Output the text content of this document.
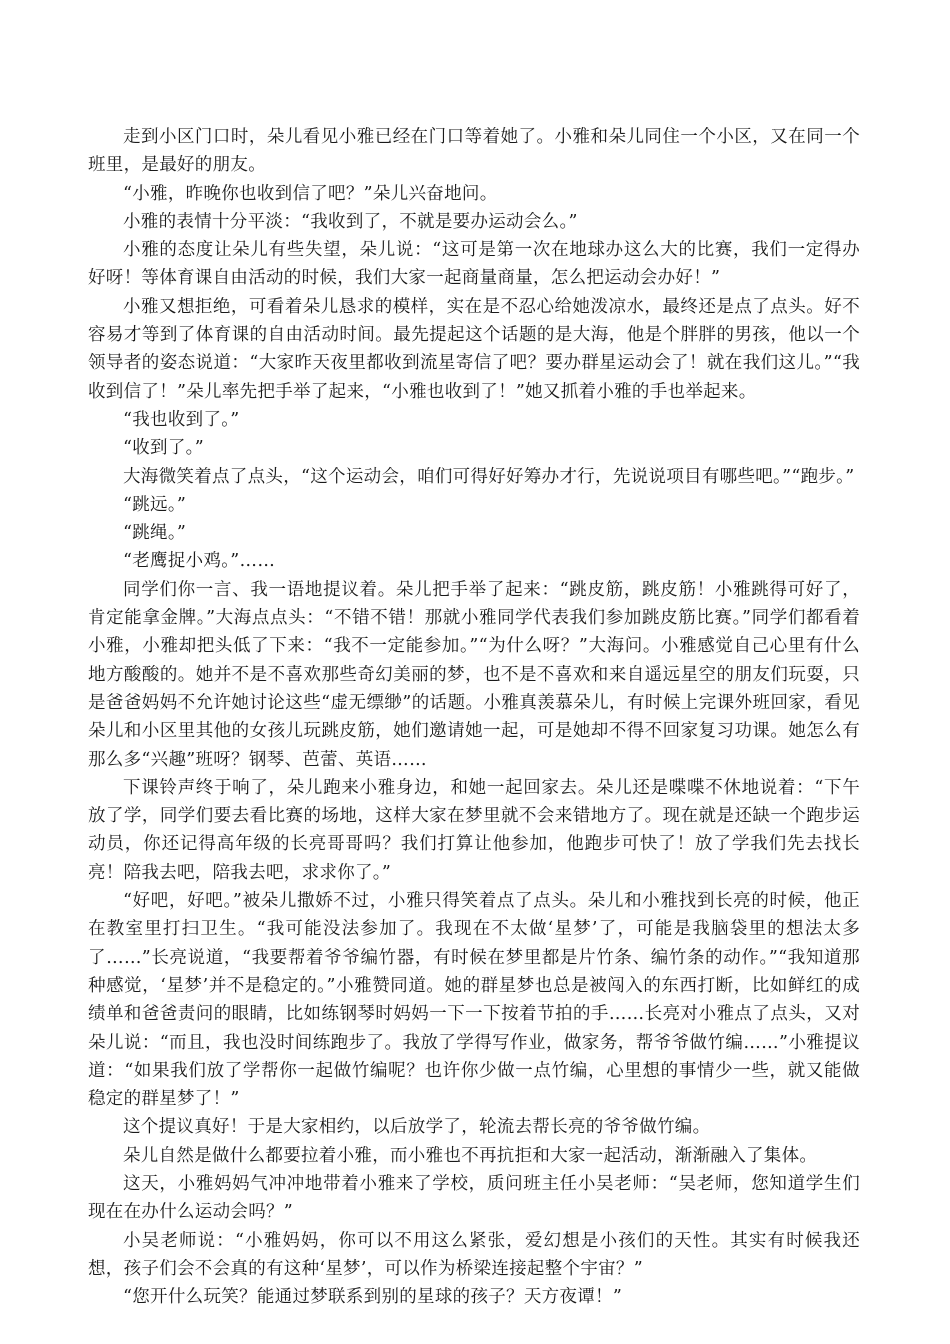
走到小区门口时，朵儿看见小雅已经在门口等着她了。小雅和朵儿同住一个小区，又在同一个班里，是最好的朋友。

“小雅，昨晚你也收到信了吧？”朵儿兴奋地问。

小雅的表情十分平淡：“我收到了，不就是要办运动会么。”

小雅的态度让朵儿有些失望，朵儿说：“这可是第一次在地球办这么大的比赛，我们一定得办好呀！等体育课自由活动的时候，我们大家一起商量商量，怎么把运动会办好！”

小雅又想拒绝，可看着朵儿恳求的模样，实在是不忍心给她泼凉水，最终还是点了点头。好不容易才等到了体育课的自由活动时间。最先提起这个话题的是大海，他是个胖胖的男孩，他以一个领导者的姿态说道：“大家昨天夜里都收到流星寄信了吧？要办群星运动会了！就在我们这儿。”“我收到信了！”朵儿率先把手举了起来，“小雅也收到了！”她又抓着小雅的手也举起来。

“我也收到了。”

“收到了。”

大海微笑着点了点头，“这个运动会，咱们可得好好筹办才行，先说说项目有哪些吧。”“跑步。”

“跳远。”

“跳绳。”

“老鹰捉小鸡。”……

同学们你一言、我一语地提议着。朵儿把手举了起来：“跳皮筋，跳皮筋！小雅跳得可好了，肯定能拿金牌。”大海点点头：“不错不错！那就小雅同学代表我们参加跳皮筋比赛。”同学们都看着小雅，小雅却把头低了下来：“我不一定能参加。”“为什么呀？”大海问。小雅感觉自己心里有什么地方酸酸的。她并不是不喜欢那些奇幻美丽的梦，也不是不喜欢和来自遥远星空的朋友们玩耍，只是爸爸妈妈不允许她讨论这些“虚无缥缈”的话题。小雅真羡慕朵儿，有时候上完课外班回家，看见朵儿和小区里其他的女孩儿玩跳皮筋，她们邀请她一起，可是她却不得不回家复习功课。她怎么有那么多“兴趣”班呀？钢琴、芭蕾、英语……

下课铃声终于响了，朵儿跑来小雅身边，和她一起回家去。朵儿还是喋喋不休地说着：“下午放了学，同学们要去看比赛的场地，这样大家在梦里就不会来错地方了。现在就是还缺一个跑步运动员，你还记得高年级的长亮哥哥吗？我们打算让他参加，他跑步可快了！放了学我们先去找长亮！陪我去吧，陪我去吧，求求你了。”

“好吧，好吧。”被朵儿撒娇不过，小雅只得笑着点了点头。朵儿和小雅找到长亮的时候，他正在教室里打扫卫生。“我可能没法参加了。我现在不太做‘星梦’了，可能是我脑袋里的想法太多了……”长亮说道，“我要帮着爷爷编竹器，有时候在梦里都是片竹条、编竹条的动作。”“我知道那种感觉，‘星梦’并不是稳定的。”小雅赞同道。她的群星梦也总是被闯入的东西打断，比如鲜红的成绩单和爸爸责问的眼睛，比如练钢琴时妈妈一下一下按着节拍的手……长亮对小雅点了点头，又对朵儿说：“而且，我也没时间练跑步了。我放了学得写作业，做家务，帮爷爷做竹编……”小雅提议道：“如果我们放了学帮你一起做竹编呢？也许你少做一点竹编，心里想的事情少一些，就又能做稳定的群星梦了！”

这个提议真好！于是大家相约，以后放学了，轮流去帮长亮的爷爷做竹编。

朵儿自然是做什么都要拉着小雅，而小雅也不再抗拒和大家一起活动，渐渐融入了集体。

这天，小雅妈妈气冲冲地带着小雅来了学校，质问班主任小吴老师：“吴老师，您知道学生们现在在办什么运动会吗？”

小吴老师说：“小雅妈妈，你可以不用这么紧张，爱幻想是小孩们的天性。其实有时候我还想，孩子们会不会真的有这种‘星梦’，可以作为桥梁连接起整个宇宙？”

“您开什么玩笑？能通过梦联系到别的星球的孩子？天方夜谭！”
